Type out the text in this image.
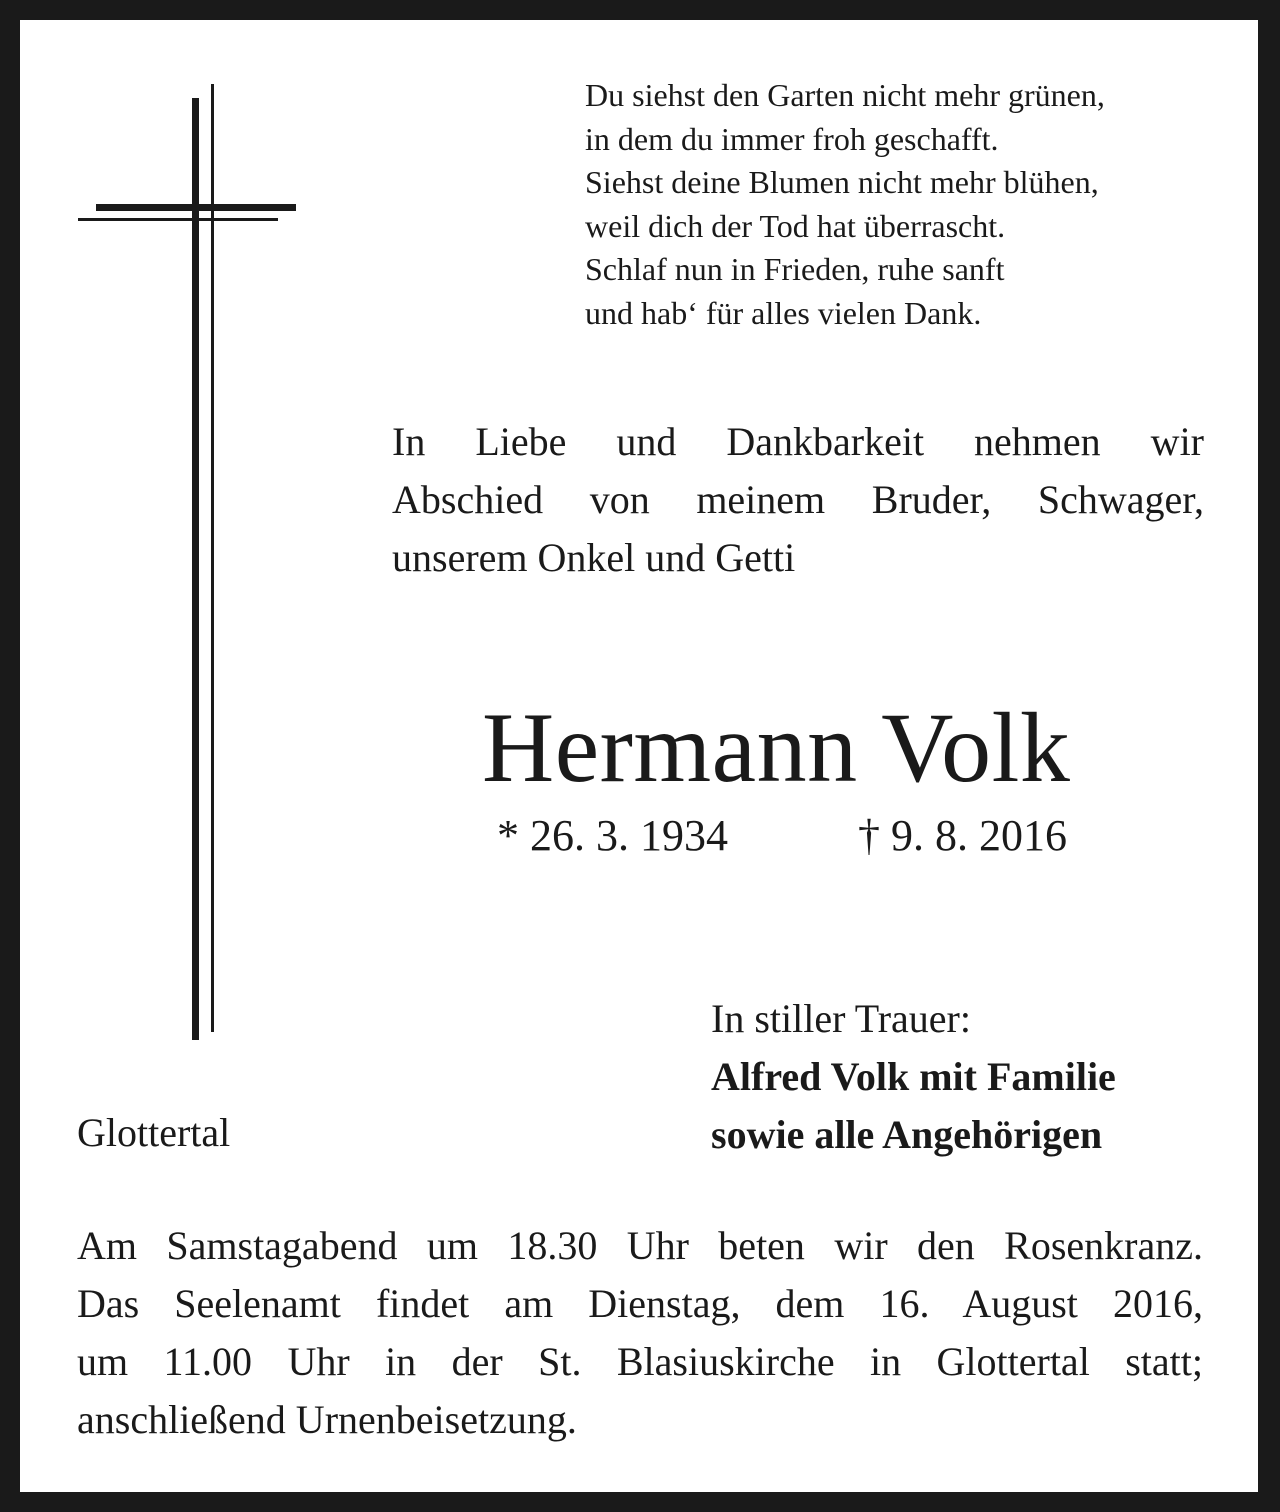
Du siehst den Garten nicht mehr grünen,
in dem du immer froh geschafft.
Siehst deine Blumen nicht mehr blühen,
weil dich der Tod hat überrascht.
Schlaf nun in Frieden, ruhe sanft
und hab‘ für alles vielen Dank.
In Liebe und Dankbarkeit nehmen wir
Abschied von meinem Bruder, Schwager,
unserem Onkel und Getti
Hermann Volk
* 26. 3. 1934	† 9. 8. 2016
In stiller Trauer:
Alfred Volk mit Familie
sowie alle Angehörigen
Glottertal
Am Samstagabend um 18.30 Uhr beten wir den Rosenkranz.
Das Seelenamt findet am Dienstag, dem 16. August 2016,
um 11.00 Uhr in der St. Blasiuskirche in Glottertal statt;
anschließend Urnenbeisetzung.
